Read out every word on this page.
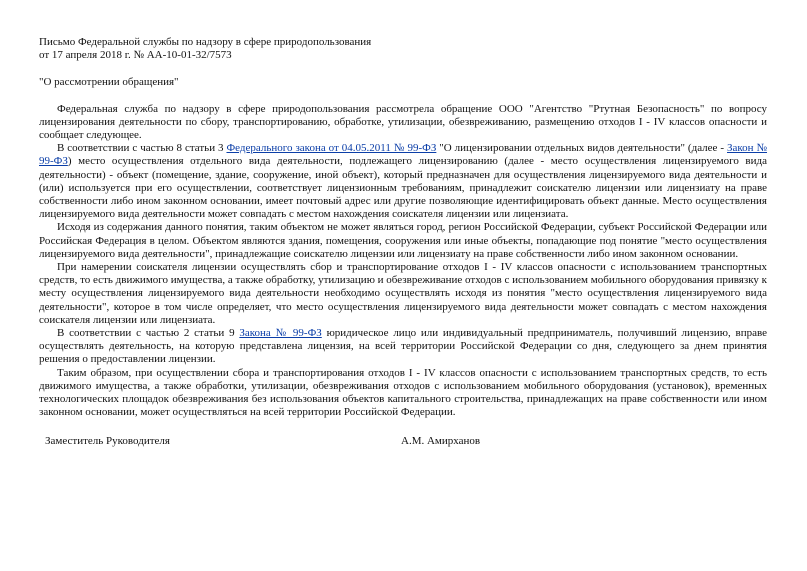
Письмо Федеральной службы по надзору в сфере природопользования

от 17 апреля 2018 г. № АА-10-01-32/7573

"О рассмотрении обращения"

Федеральная служба по надзору в сфере природопользования рассмотрела обращение ООО "Агентство "Ртутная Безопасность" по вопросу лицензирования деятельности по сбору, транспортированию, обработке, утилизации, обезвреживанию, размещению отходов I - IV классов опасности и сообщает следующее.

В соответствии с частью 8 статьи 3 Федерального закона от 04.05.2011 № 99-ФЗ "О лицензировании отдельных видов деятельности" (далее - Закон № 99-ФЗ) место осуществления отдельного вида деятельности, подлежащего лицензированию (далее - место осуществления лицензируемого вида деятельности) - объект (помещение, здание, сооружение, иной объект), который предназначен для осуществления лицензируемого вида деятельности и (или) используется при его осуществлении, соответствует лицензионным требованиям, принадлежит соискателю лицензии или лицензиату на праве собственности либо ином законном основании, имеет почтовый адрес или другие позволяющие идентифицировать объект данные. Место осуществления лицензируемого вида деятельности может совпадать с местом нахождения соискателя лицензии или лицензиата.

Исходя из содержания данного понятия, таким объектом не может являться город, регион Российской Федерации, субъект Российской Федерации или Российская Федерация в целом. Объектом являются здания, помещения, сооружения или иные объекты, попадающие под понятие "место осуществления лицензируемого вида деятельности", принадлежащие соискателю лицензии или лицензиату на праве собственности либо ином законном основании.

При намерении соискателя лицензии осуществлять сбор и транспортирование отходов I - IV классов опасности с использованием транспортных средств, то есть движимого имущества, а также обработку, утилизацию и обезвреживание отходов с использованием мобильного оборудования привязку к месту осуществления лицензируемого вида деятельности необходимо осуществлять исходя из понятия "место осуществления лицензируемого вида деятельности", которое в том числе определяет, что место осуществления лицензируемого вида деятельности может совпадать с местом нахождения соискателя лицензии или лицензиата.

В соответствии с частью 2 статьи 9 Закона № 99-ФЗ юридическое лицо или индивидуальный предприниматель, получивший лицензию, вправе осуществлять деятельность, на которую представлена лицензия, на всей территории Российской Федерации со дня, следующего за днем принятия решения о предоставлении лицензии.

Таким образом, при осуществлении сбора и транспортирования отходов I - IV классов опасности с использованием транспортных средств, то есть движимого имущества, а также обработки, утилизации, обезвреживания отходов с использованием мобильного оборудования (установок), временных технологических площадок обезвреживания без использования объектов капитального строительства, принадлежащих на праве собственности или ином законном основании, может осуществляться на всей территории Российской Федерации.

Заместитель Руководителя	А.М. Амирханов
